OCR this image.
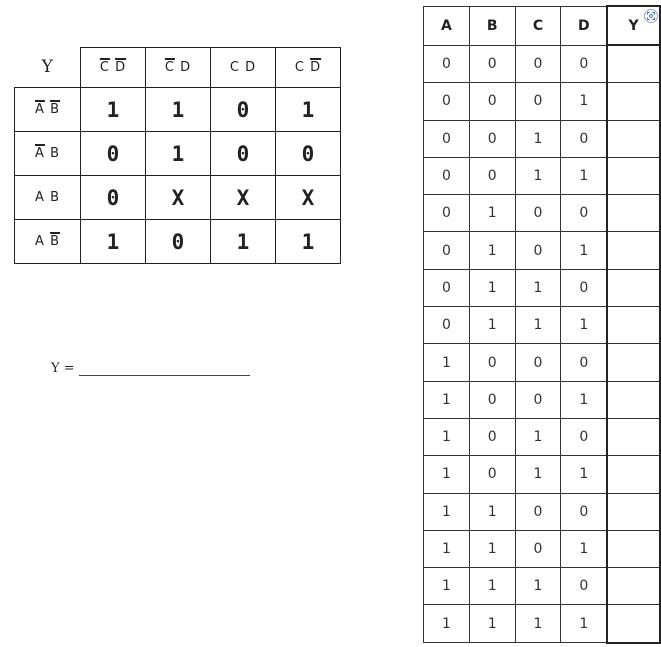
Y	$\overline{C}$ $\overline{D}$	$\overline{C}$ D	C D	C $\overline{D}$
$\overline{A}$ $\overline{B}$	1	1	0	1
$\overline{A}$ B	0	1	0	0
A B	0	X	X	X
A $\overline{B}$	1	0	1	1
Y =
A	B	C	D	Y
0	0	0	0	
0	0	0	1	
0	0	1	0	
0	0	1	1	
0	1	0	0	
0	1	0	1	
0	1	1	0	
0	1	1	1	
1	0	0	0	
1	0	0	1	
1	0	1	0	
1	0	1	1	
1	1	0	0	
1	1	0	1	
1	1	1	0	
1	1	1	1	
